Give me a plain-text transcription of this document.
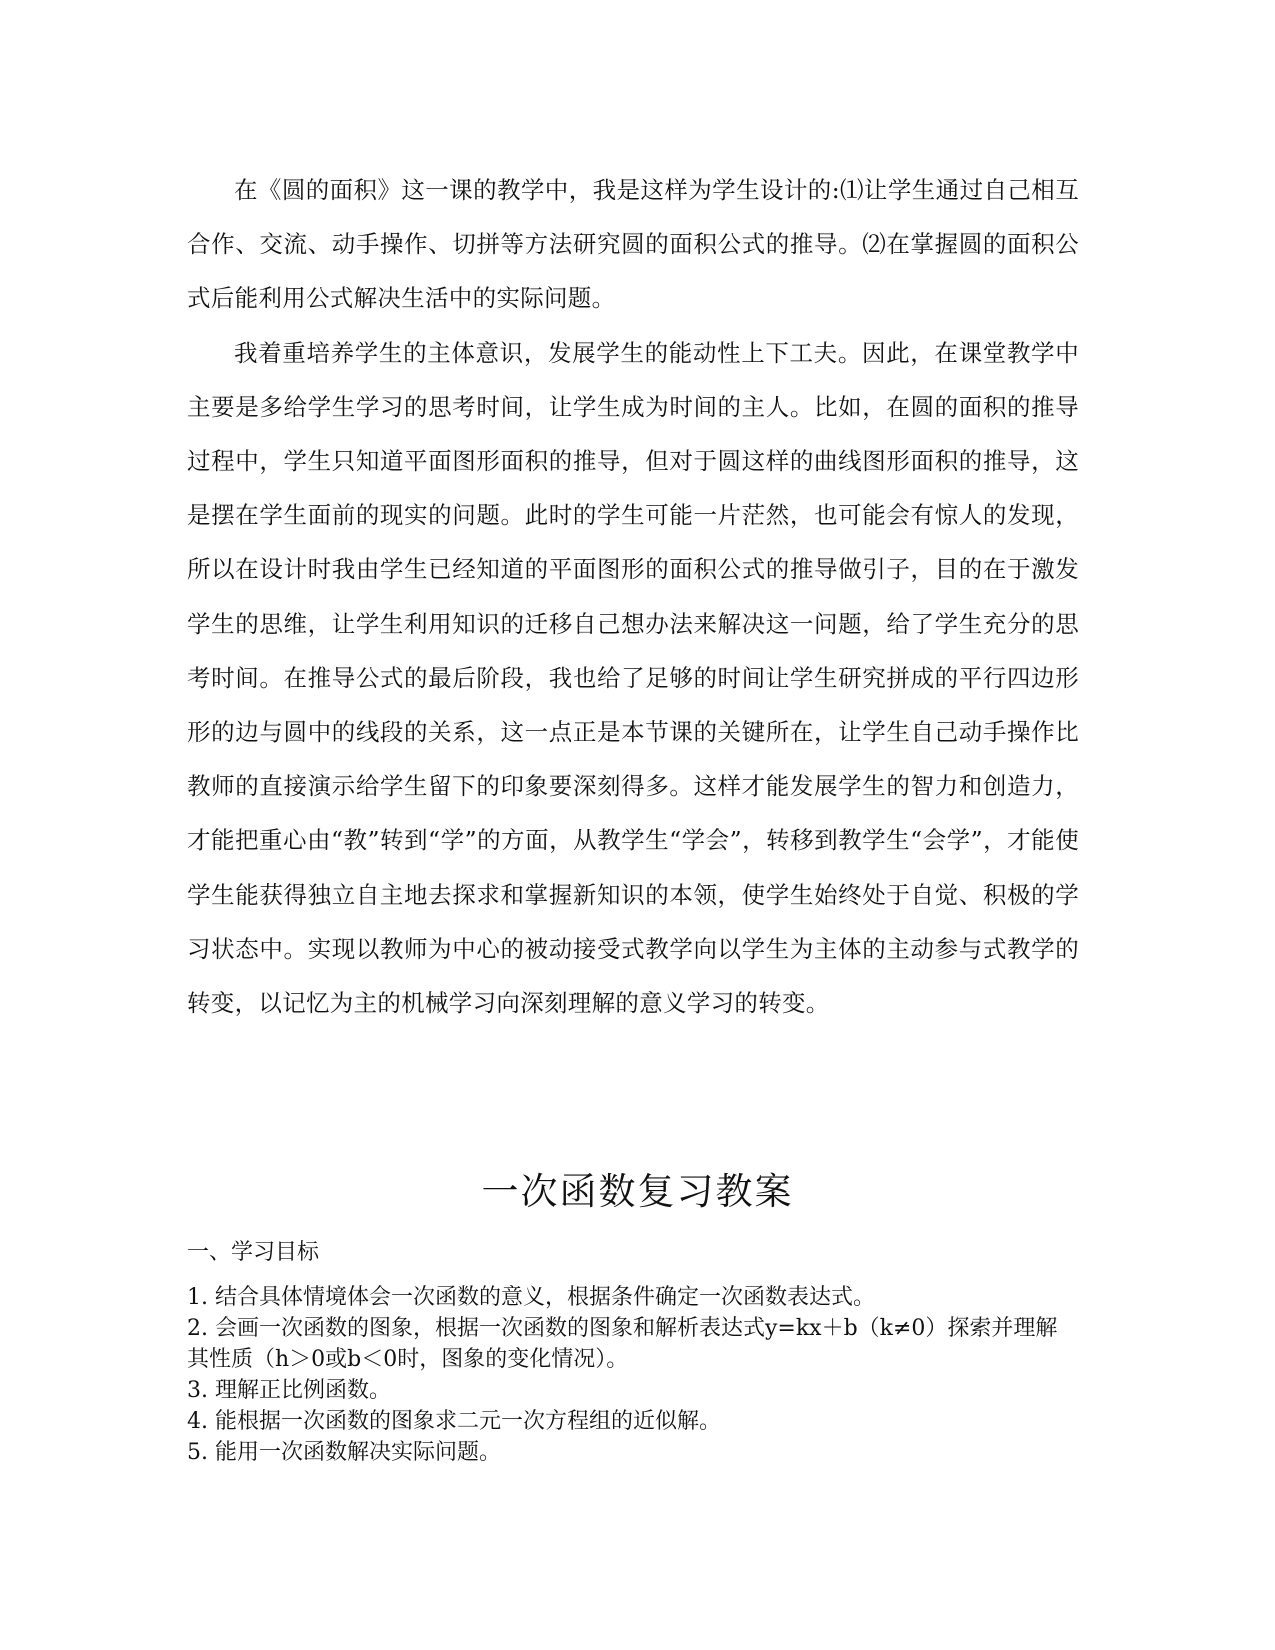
在《圆的面积》这一课的教学中，我是这样为学生设计的:⑴让学生通过自己相互合作、交流、动手操作、切拼等方法研究圆的面积公式的推导。⑵在掌握圆的面积公式后能利用公式解决生活中的实际问题。

我着重培养学生的主体意识，发展学生的能动性上下工夫。因此，在课堂教学中主要是多给学生学习的思考时间，让学生成为时间的主人。比如，在圆的面积的推导过程中，学生只知道平面图形面积的推导，但对于圆这样的曲线图形面积的推导，这是摆在学生面前的现实的问题。此时的学生可能一片茫然，也可能会有惊人的发现，所以在设计时我由学生已经知道的平面图形的面积公式的推导做引子，目的在于激发学生的思维，让学生利用知识的迁移自己想办法来解决这一问题，给了学生充分的思考时间。在推导公式的最后阶段，我也给了足够的时间让学生研究拼成的平行四边形形的边与圆中的线段的关系，这一点正是本节课的关键所在，让学生自己动手操作比教师的直接演示给学生留下的印象要深刻得多。这样才能发展学生的智力和创造力，才能把重心由“教”转到“学”的方面，从教学生“学会”，转移到教学生“会学”，才能使学生能获得独立自主地去探求和掌握新知识的本领，使学生始终处于自觉、积极的学习状态中。实现以教师为中心的被动接受式教学向以学生为主体的主动参与式教学的转变，以记忆为主的机械学习向深刻理解的意义学习的转变。

一次函数复习教案
一、学习目标
1. 结合具体情境体会一次函数的意义，根据条件确定一次函数表达式。
2. 会画一次函数的图象，根据一次函数的图象和解析表达式y=kx＋b（k≠0）探索并理解其性质（h＞0或b＜0时，图象的变化情况）。
3. 理解正比例函数。
4. 能根据一次函数的图象求二元一次方程组的近似解。
5. 能用一次函数解决实际问题。
